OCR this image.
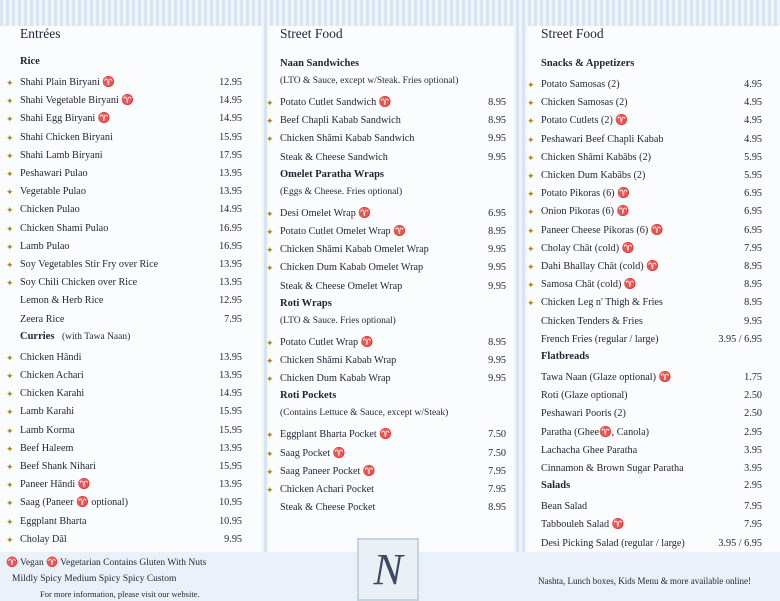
Entrées	Street Food	Street Food
Rice
✦ Shahi Plain Biryani ♈	12.95
✦ Shahi Vegetable Biryani ♈	14.95
✦ Shahi Egg Biryani ♈	14.95
✦ Shahi Chicken Biryani	15.95
✦ Shahi Lamb Biryani	17.95
✦ Peshawari Pulao	13.95
✦ Vegetable Pulao	13.95
✦ Chicken Pulao	14.95
✦ Chicken Shami Pulao	16.95
✦ Lamb Pulao	16.95
✦ Soy Vegetables Stir Fry over Rice	13.95
✦ Soy Chili Chicken over Rice	13.95
Lemon & Herb Rice	12.95
Zeera Rice	7.95
Curries (with Tawa Naan)
✦ Chicken Hāndi	13.95
✦ Chicken Achari	13.95
✦ Chicken Karahi	14.95
✦ Lamb Karahi	15.95
✦ Lamb Korma	15.95
✦ Beef Haleem	13.95
✦ Beef Shank Nihari	15.95
✦ Paneer Hāndi ♈	13.95
✦ Saag (Paneer ♈ optional)	10.95
✦ Eggplant Bharta	10.95
✦ Cholay Dāl	9.95
Naan Sandwiches
(LTO & Sauce, except w/Steak. Fries optional)
✦ Potato Cutlet Sandwich ♈	8.95
✦ Beef Chapli Kabab Sandwich	8.95
✦ Chicken Shāmi Kabab Sandwich	9.95
Steak & Cheese Sandwich	9.95
Omelet Paratha Wraps
(Eggs & Cheese. Fries optional)
✦ Desi Omelet Wrap ♈	6.95
✦ Potato Cutlet Omelet Wrap ♈	8.95
✦ Chicken Shāmi Kabab Omelet Wrap	9.95
✦ Chicken Dum Kabab Omelet Wrap	9.95
Steak & Cheese Omelet Wrap	9.95
Roti Wraps
(LTO & Sauce. Fries optional)
✦ Potato Cutlet Wrap ♈	8.95
✦ Chicken Shāmi Kabab Wrap	9.95
✦ Chicken Dum Kabab Wrap	9.95
Roti Pockets
(Contains Lettuce & Sauce, except w/Steak)
✦ Eggplant Bharta Pocket ♈	7.50
✦ Saag Pocket ♈	7.50
✦ Saag Paneer Pocket ♈	7.95
✦ Chicken Achari Pocket	7.95
Steak & Cheese Pocket	8.95
Snacks & Appetizers
✦ Potato Samosas (2)	4.95
✦ Chicken Samosas (2)	4.95
✦ Potato Cutlets (2) ♈	4.95
✦ Peshawari Beef Chapli Kabab	4.95
✦ Chicken Shāmi Kabābs (2)	5.95
✦ Chicken Dum Kabābs (2)	5.95
✦ Potato Pikoras (6) ♈	6.95
✦ Onion Pikoras (6) ♈	6.95
✦ Paneer Cheese Pikoras (6) ♈	6.95
✦ Cholay Chāt (cold) ♈	7.95
✦ Dahi Bhallay Chāt (cold) ♈	8.95
✦ Samosa Chāt (cold) ♈	8.95
✦ Chicken Leg n' Thigh & Fries	8.95
Chicken Tenders & Fries	9.95
French Fries (regular / large)	3.95 / 6.95
Flatbreads
Tawa Naan (Glaze optional) ♈	1.75
Roti (Glaze optional)	2.50
Peshawari Pooris (2)	2.50
Paratha (Ghee♈, Canola)	2.95
Lachacha Ghee Paratha	3.95
Cinnamon & Brown Sugar Paratha	3.95
Salads	2.95
Bean Salad	7.95
Tabbouleh Salad ♈	7.95
Desi Picking Salad (regular / large)	3.95 / 6.95
♈ Vegan ♈ Vegetarian Contains Gluten With Nuts
Mildly Spicy Medium Spicy Spicy Custom
For more information, please visit our website.	N	Nashta, Lunch boxes, Kids Menu & more available online!
